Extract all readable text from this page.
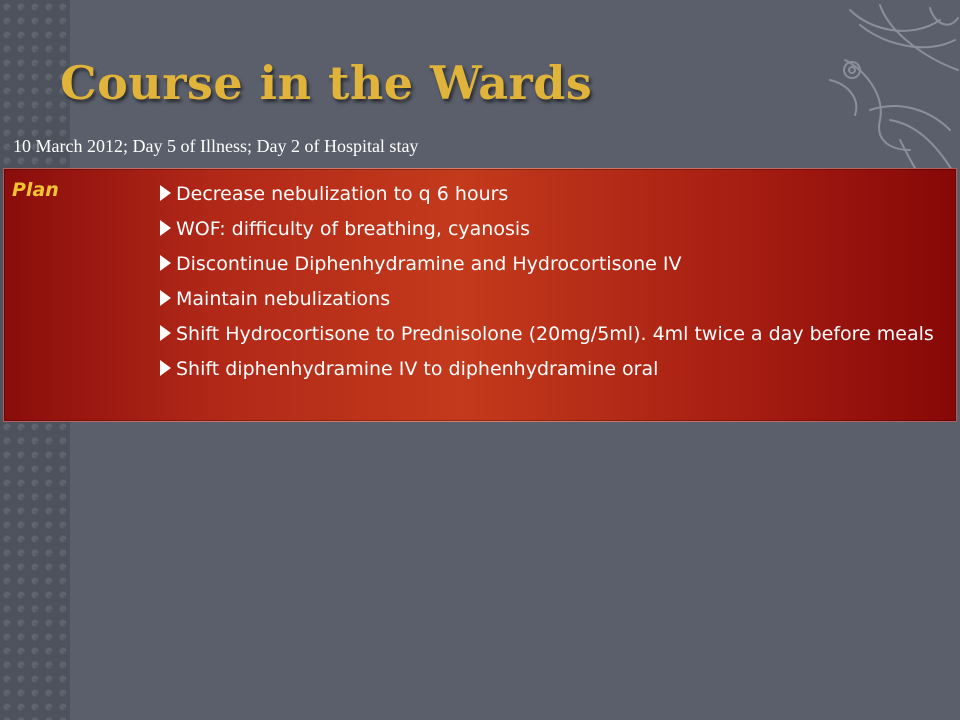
Course in the Wards
10 March 2012; Day 5 of Illness; Day 2 of Hospital stay
Plan	Decrease nebulization to q 6 hours
WOF: difficulty of breathing, cyanosis
Discontinue Diphenhydramine and Hydrocortisone IV
Maintain nebulizations
Shift Hydrocortisone to Prednisolone (20mg/5ml). 4ml twice a day before meals
Shift diphenhydramine IV to diphenhydramine oral
